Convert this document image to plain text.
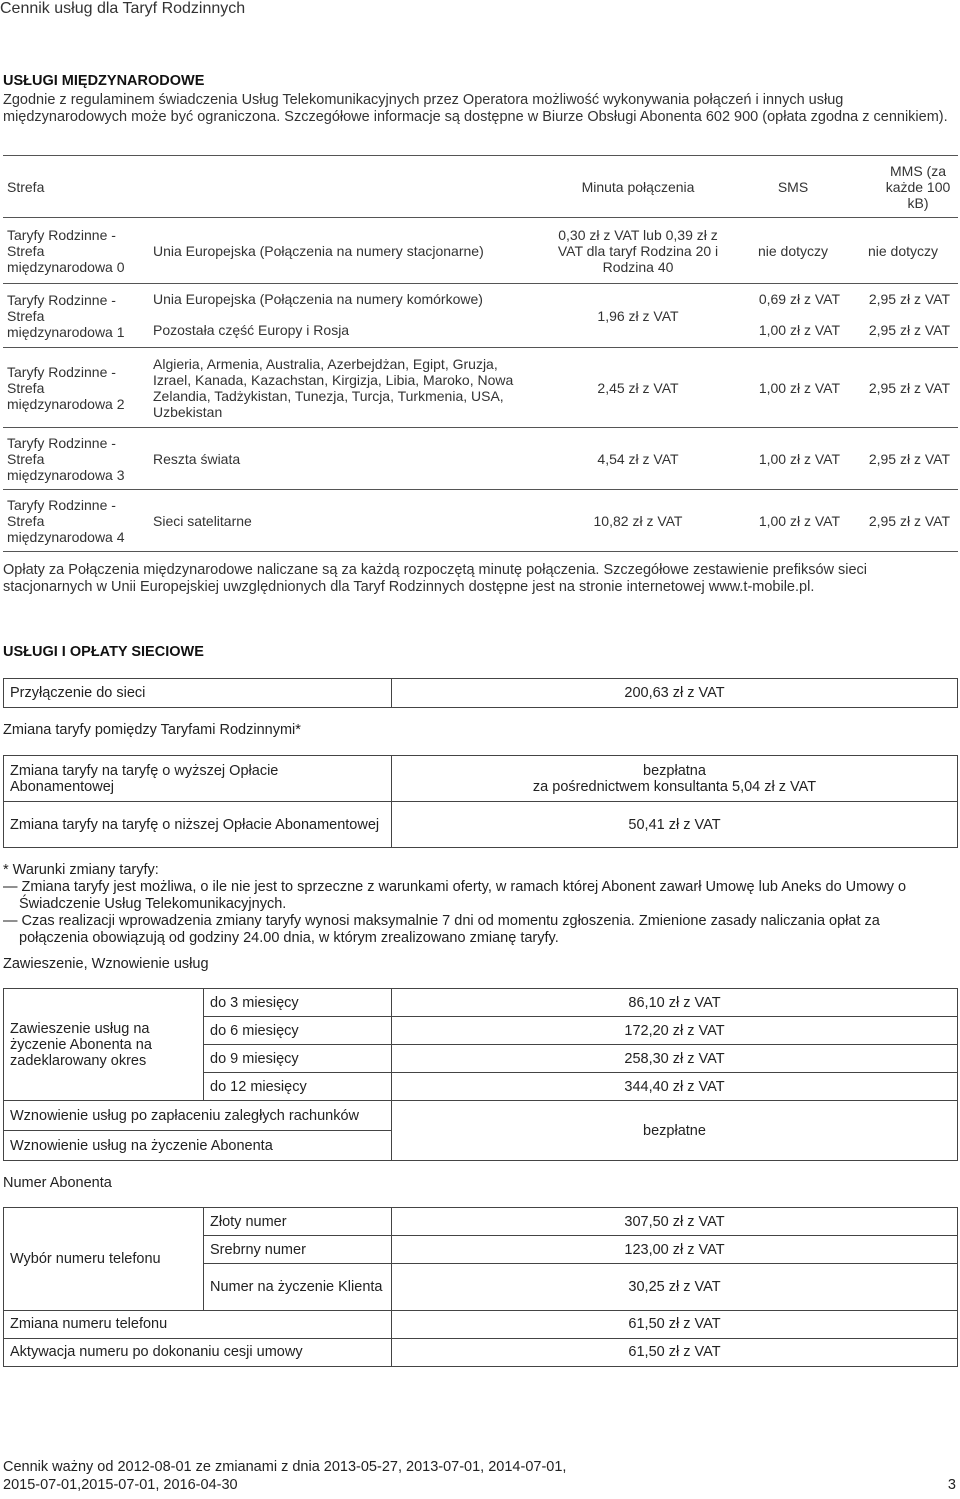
Cennik usług dla Taryf Rodzinnych
USŁUGI MIĘDZYNARODOWE
Zgodnie z regulaminem świadczenia Usług Telekomunikacyjnych przez Operatora możliwość wykonywania połączeń i innych usług międzynarodowych może być ograniczona. Szczegółowe informacje są dostępne w Biurze Obsługi Abonenta 602 900 (opłata zgodna z cennikiem).
Strefa		Minuta połączenia	SMS	MMS (za każde 100 kB)
Taryfy Rodzinne - Strefa międzynarodowa 0	Unia Europejska (Połączenia na numery stacjonarne)	0,30 zł z VAT lub 0,39 zł z VAT dla taryf Rodzina 20 i Rodzina 40	nie dotyczy	nie dotyczy
Taryfy Rodzinne - Strefa międzynarodowa 1	Unia Europejska (Połączenia na numery komórkowe)	1,96 zł z VAT	0,69 zł z VAT	2,95 zł z VAT
	Pozostała część Europy i Rosja		1,00 zł z VAT	2,95 zł z VAT
Taryfy Rodzinne - Strefa międzynarodowa 2	Algieria, Armenia, Australia, Azerbejdżan, Egipt, Gruzja, Izrael, Kanada, Kazachstan, Kirgizja, Libia, Maroko, Nowa Zelandia, Tadżykistan, Tunezja, Turcja, Turkmenia, USA, Uzbekistan	2,45 zł z VAT	1,00 zł z VAT	2,95 zł z VAT
Taryfy Rodzinne - Strefa międzynarodowa 3	Reszta świata	4,54 zł z VAT	1,00 zł z VAT	2,95 zł z VAT
Taryfy Rodzinne - Strefa międzynarodowa 4	Sieci satelitarne	10,82 zł z VAT	1,00 zł z VAT	2,95 zł z VAT
Opłaty za Połączenia międzynarodowe naliczane są za każdą rozpoczętą minutę połączenia. Szczegółowe zestawienie prefiksów sieci stacjonarnych w Unii Europejskiej uwzględnionych dla Taryf Rodzinnych dostępne jest na stronie internetowej www.t-mobile.pl.
USŁUGI I OPŁATY SIECIOWE
Przyłączenie do sieci	200,63 zł z VAT
Zmiana taryfy pomiędzy Taryfami Rodzinnymi*
Zmiana taryfy na taryfę o wyższej Opłacie Abonamentowej	bezpłatna
za pośrednictwem konsultanta 5,04 zł z VAT

Zmiana taryfy na taryfę o niższej Opłacie Abonamentowej	50,41 zł z VAT
* Warunki zmiany taryfy:
— Zmiana taryfy jest możliwa, o ile nie jest to sprzeczne z warunkami oferty, w ramach której Abonent zawarł Umowę lub Aneks do Umowy o Świadczenie Usług Telekomunikacyjnych.
— Czas realizacji wprowadzenia zmiany taryfy wynosi maksymalnie 7 dni od momentu zgłoszenia. Zmienione zasady naliczania opłat za połączenia obowiązują od godziny 24.00 dnia, w którym zrealizowano zmianę taryfy.
Zawieszenie, Wznowienie usług
Zawieszenie usług na życzenie Abonenta na zadeklarowany okres	do 3 miesięcy	86,10 zł z VAT
	do 6 miesięcy	172,20 zł z VAT
	do 9 miesięcy	258,30 zł z VAT
	do 12 miesięcy	344,40 zł z VAT
Wznowienie usług po zapłaceniu zaległych rachunków		bezpłatne
Wznowienie usług na życzenie Abonenta		
Numer Abonenta
Wybór numeru telefonu	Złoty numer	307,50 zł z VAT
	Srebrny numer	123,00 zł z VAT
	Numer na życzenie Klienta	30,25 zł z VAT
Zmiana numeru telefonu		61,50 zł z VAT
Aktywacja numeru po dokonaniu cesji umowy		61,50 zł z VAT
Cennik ważny od 2012-08-01 ze zmianami z dnia 2013-05-27, 2013-07-01, 2014-07-01,
2015-07-01,2015-07-01, 2016-04-30	3
